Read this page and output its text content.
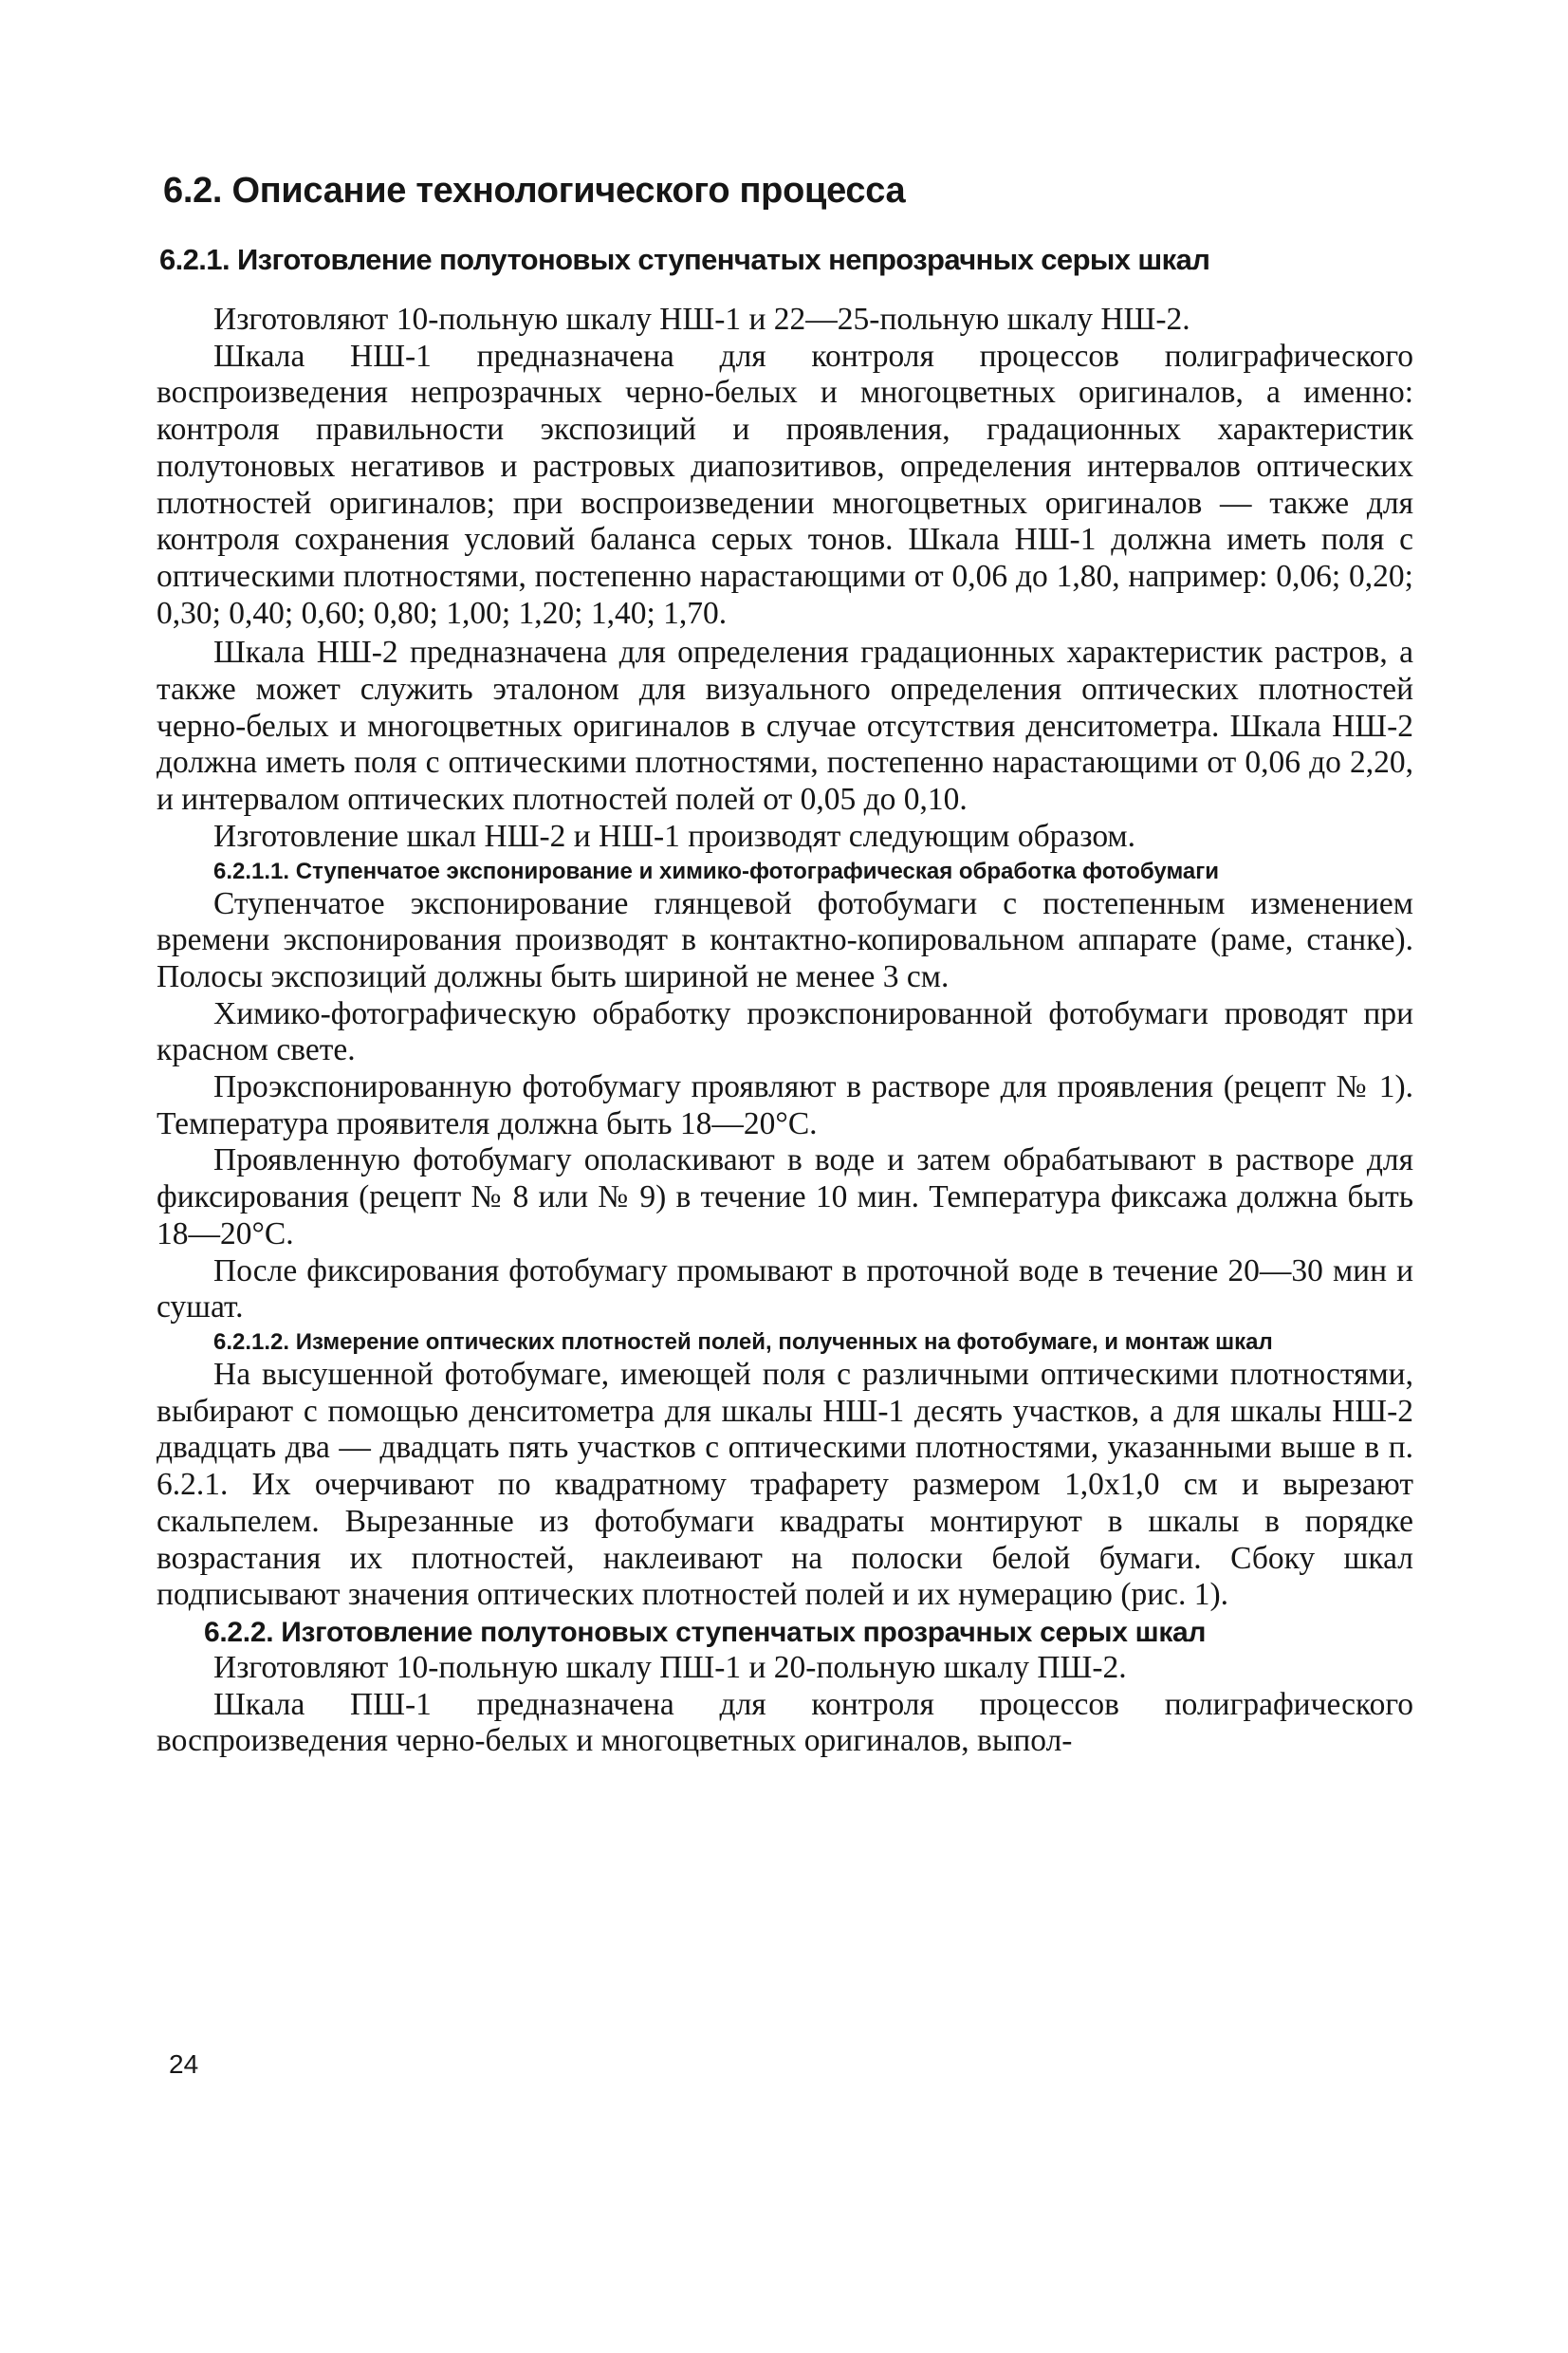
6.2. Описание технологического процесса
6.2.1. Изготовление полутоновых ступенчатых непрозрачных серых шкал

Изготовляют 10-польную шкалу НШ-1 и 22—25-польную шкалу НШ-2.

Шкала НШ-1 предназначена для контроля процессов полиграфического воспроизведения непрозрачных черно-белых и многоцветных оригиналов, а именно: контроля правильности экспозиций и проявления, градационных характеристик полутоновых негативов и растровых диапозитивов, определения интервалов оптических плотностей оригиналов; при воспроизведении многоцветных оригиналов — также для контроля сохранения условий баланса серых тонов. Шкала НШ-1 должна иметь поля с оптическими плотностями, постепенно нарастающими от 0,06 до 1,80, например: 0,06; 0,20; 0,30; 0,40; 0,60; 0,80; 1,00; 1,20; 1,40; 1,70.

Шкала НШ-2 предназначена для определения градационных характеристик растров, а также может служить эталоном для визуального определения оптических плотностей черно-белых и многоцветных оригиналов в случае отсутствия денситометра. Шкала НШ-2 должна иметь поля с оптическими плотностями, постепенно нарастающими от 0,06 до 2,20, и интервалом оптических плотностей полей от 0,05 до 0,10.

Изготовление шкал НШ-2 и НШ-1 производят следующим образом.

6.2.1.1. Ступенчатое экспонирование и химико-фотографическая обработка фотобумаги

Ступенчатое экспонирование глянцевой фотобумаги с постепенным изменением времени экспонирования производят в контактно-копировальном аппарате (раме, станке). Полосы экспозиций должны быть шириной не менее 3 см.

Химико-фотографическую обработку проэкспонированной фотобумаги проводят при красном свете.

Проэкспонированную фотобумагу проявляют в растворе для проявления (рецепт № 1). Температура проявителя должна быть 18—20°С.

Проявленную фотобумагу ополаскивают в воде и затем обрабатывают в растворе для фиксирования (рецепт № 8 или № 9) в течение 10 мин. Температура фиксажа должна быть 18—20°С.

После фиксирования фотобумагу промывают в проточной воде в течение 20—30 мин и сушат.

6.2.1.2. Измерение оптических плотностей полей, полученных на фотобумаге, и монтаж шкал

На высушенной фотобумаге, имеющей поля с различными оптическими плотностями, выбирают с помощью денситометра для шкалы НШ-1 десять участков, а для шкалы НШ-2 двадцать два — двадцать пять участков с оптическими плотностями, указанными выше в п. 6.2.1. Их очерчивают по квадратному трафарету размером 1,0х1,0 см и вырезают скальпелем. Вырезанные из фотобумаги квадраты монтируют в шкалы в порядке возрастания их плотностей, наклеивают на полоски белой бумаги. Сбоку шкал подписывают значения оптических плотностей полей и их нумерацию (рис. 1).

6.2.2. Изготовление полутоновых ступенчатых прозрачных серых шкал

Изготовляют 10-польную шкалу ПШ-1 и 20-польную шкалу ПШ-2.

Шкала ПШ-1 предназначена для контроля процессов полиграфического воспроизведения черно-белых и многоцветных оригиналов, выпол-

24
